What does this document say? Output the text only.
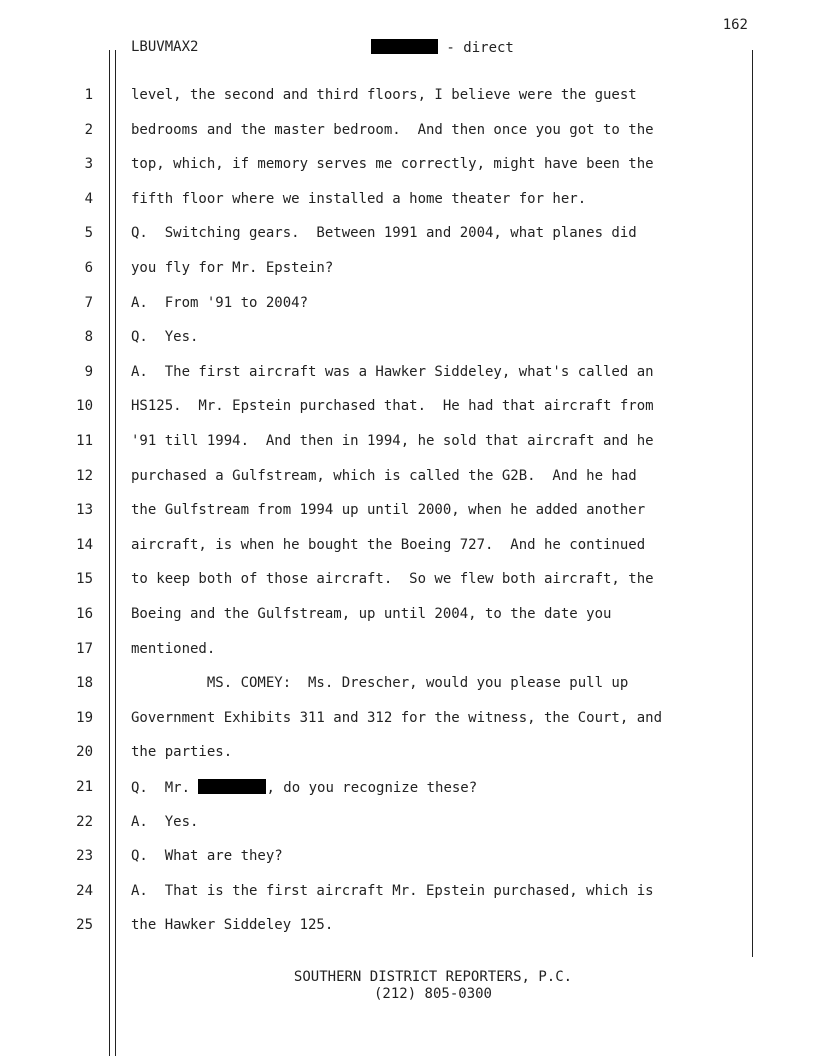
162
LBUVMAX2	- direct
1	level, the second and third floors, I believe were the guest
2	bedrooms and the master bedroom.  And then once you got to the
3	top, which, if memory serves me correctly, might have been the
4	fifth floor where we installed a home theater for her.
5	Q.  Switching gears.  Between 1991 and 2004, what planes did
6	you fly for Mr. Epstein?
7	A.  From '91 to 2004?
8	Q.  Yes.
9	A.  The first aircraft was a Hawker Siddeley, what's called an
10	HS125.  Mr. Epstein purchased that.  He had that aircraft from
11	'91 till 1994.  And then in 1994, he sold that aircraft and he
12	purchased a Gulfstream, which is called the G2B.  And he had
13	the Gulfstream from 1994 up until 2000, when he added another
14	aircraft, is when he bought the Boeing 727.  And he continued
15	to keep both of those aircraft.  So we flew both aircraft, the
16	Boeing and the Gulfstream, up until 2004, to the date you
17	mentioned.
18	MS. COMEY:  Ms. Drescher, would you please pull up
19	Government Exhibits 311 and 312 for the witness, the Court, and
20	the parties.
21	Q.  Mr.	, do you recognize these?
22	A.  Yes.
23	Q.  What are they?
24	A.  That is the first aircraft Mr. Epstein purchased, which is
25	the Hawker Siddeley 125.
SOUTHERN DISTRICT REPORTERS, P.C.
(212) 805-0300
